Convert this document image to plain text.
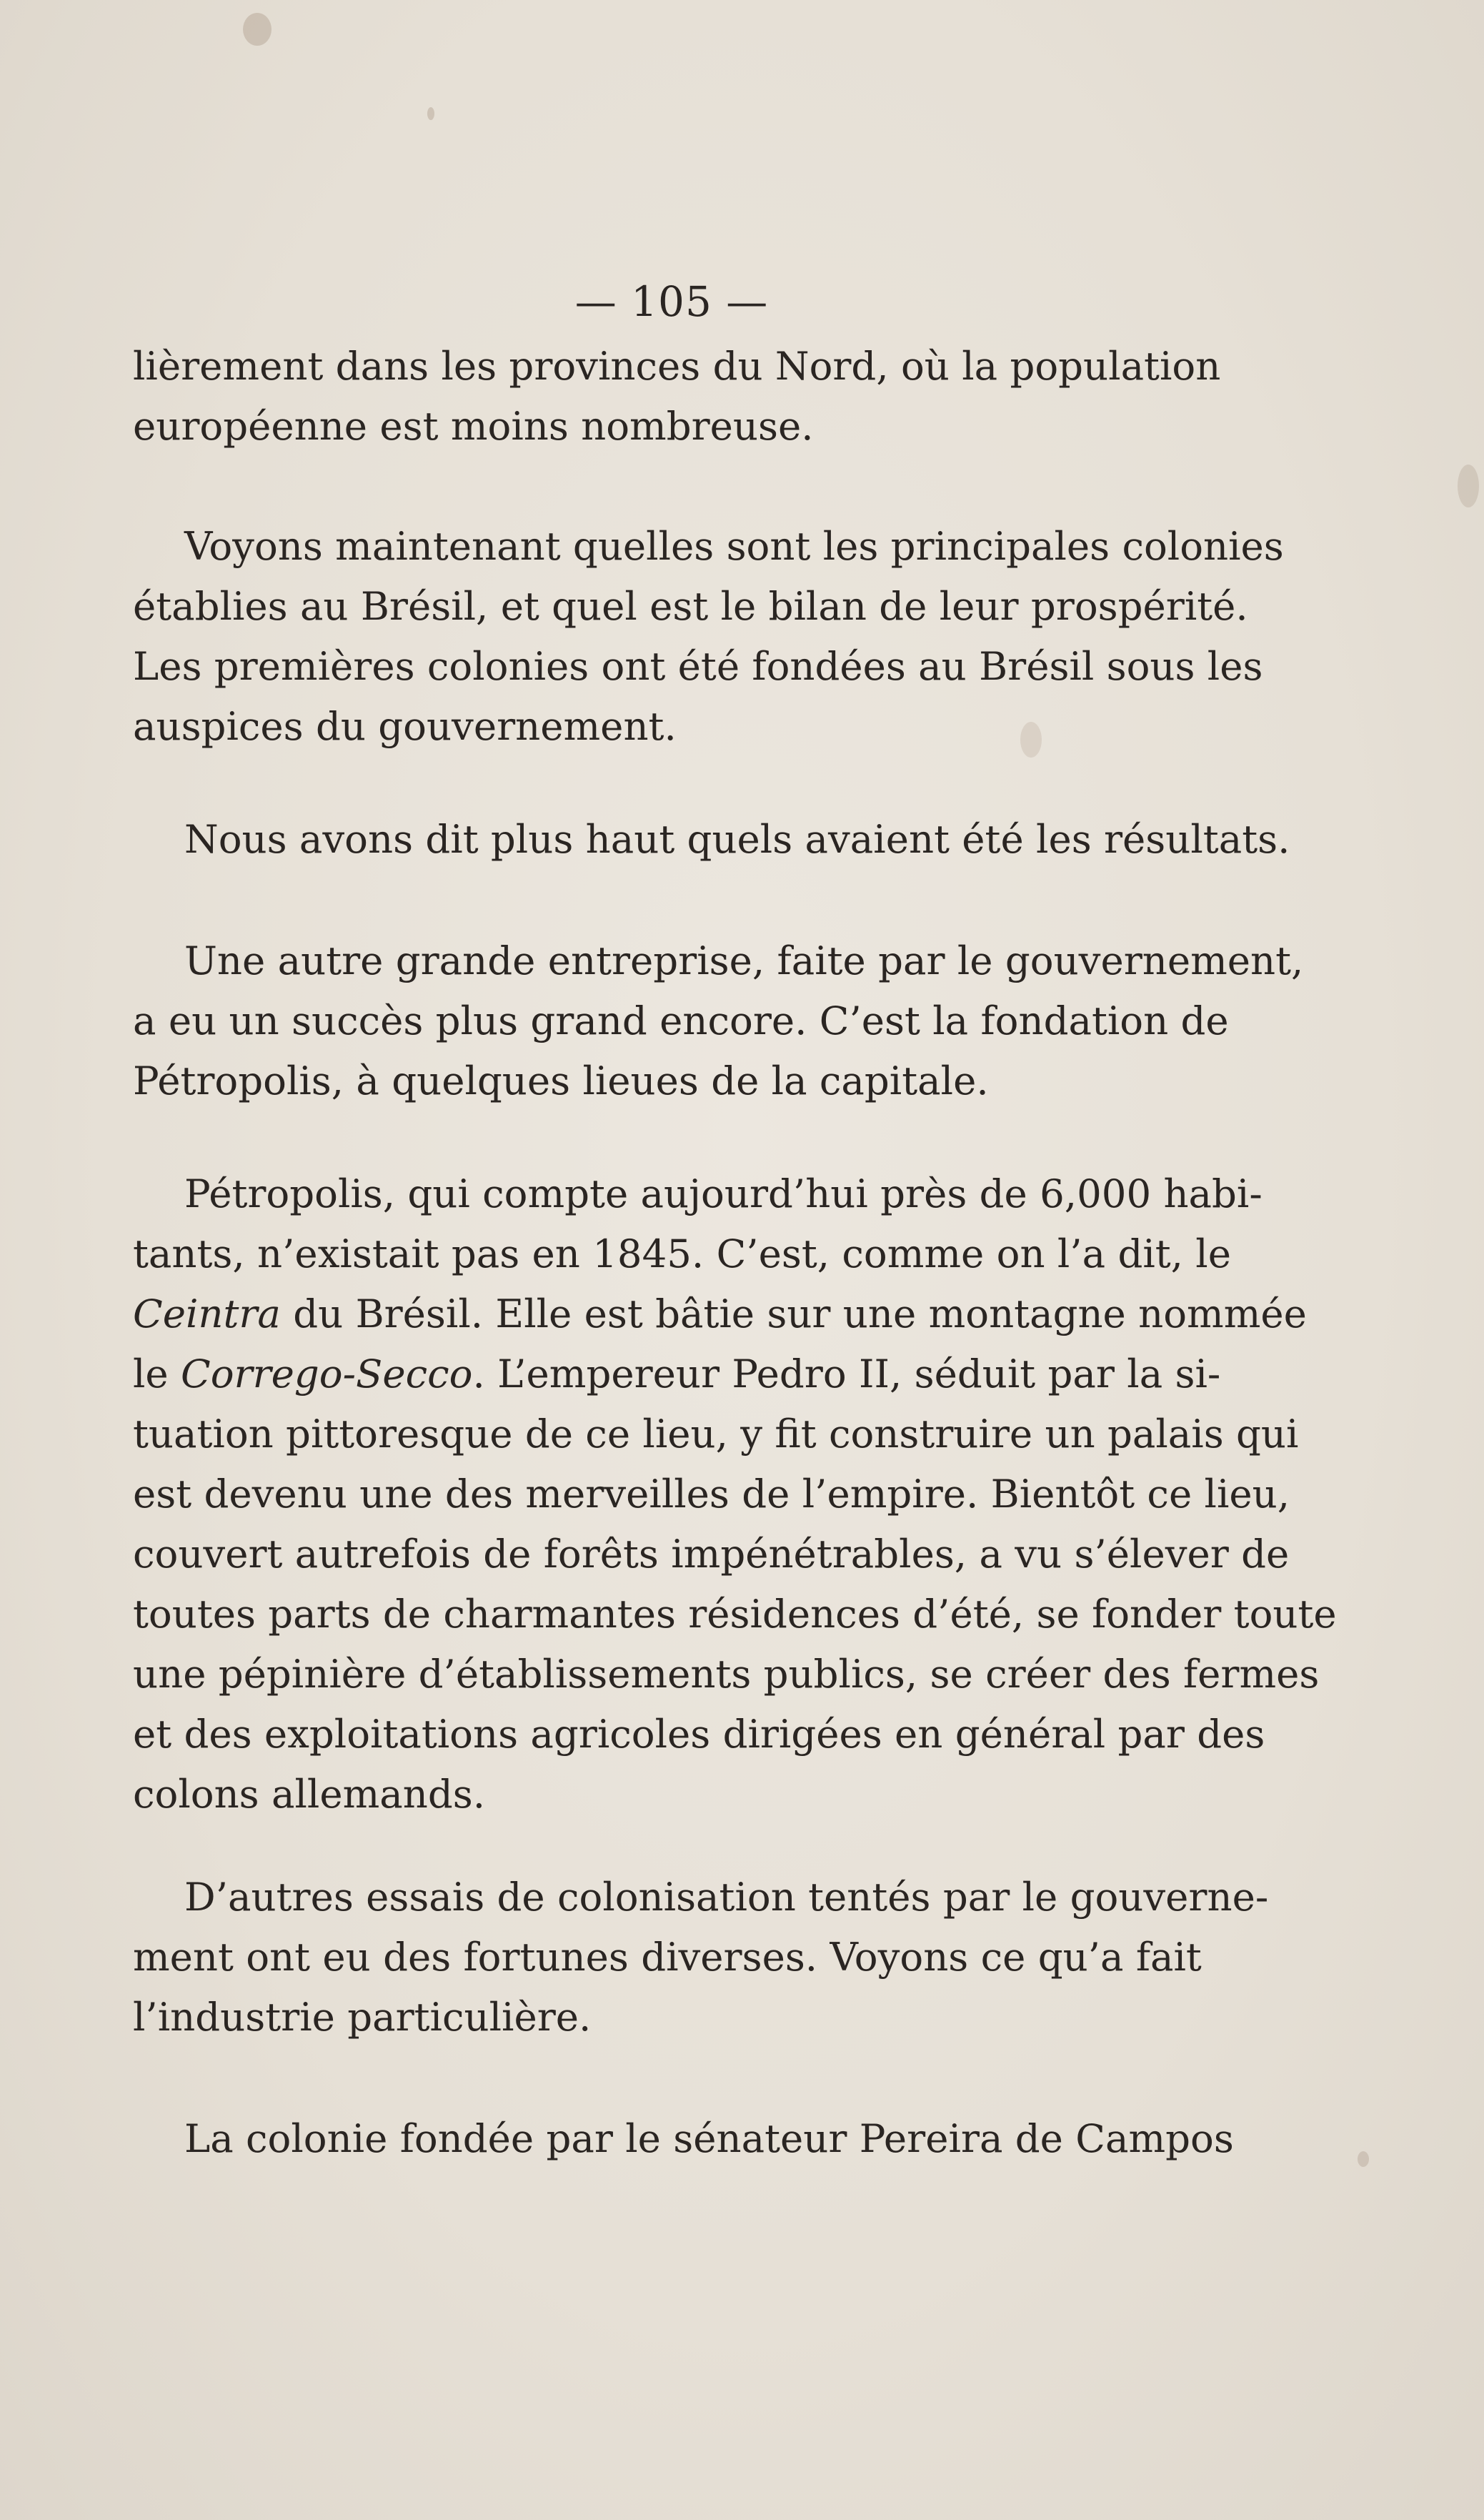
— 105 —
lièrement dans les provinces du Nord, où la population
européenne est moins nombreuse.
Voyons maintenant quelles sont les principales colonies
établies au Brésil, et quel est le bilan de leur prospérité.
Les premières colonies ont été fondées au Brésil sous les
auspices du gouvernement.
Nous avons dit plus haut quels avaient été les résultats.
Une autre grande entreprise, faite par le gouvernement,
a eu un succès plus grand encore. C’est la fondation de
Pétropolis, à quelques lieues de la capitale.
Pétropolis, qui compte aujourd’hui près de 6,000 habi-
tants, n’existait pas en 1845. C’est, comme on l’a dit, le
Ceintra du Brésil. Elle est bâtie sur une montagne nommée
le Corrego-Secco. L’empereur Pedro II, séduit par la si-
tuation pittoresque de ce lieu, y fit construire un palais qui
est devenu une des merveilles de l’empire. Bientôt ce lieu,
couvert autrefois de forêts impénétrables, a vu s’élever de
toutes parts de charmantes résidences d’été, se fonder toute
une pépinière d’établissements publics, se créer des fermes
et des exploitations agricoles dirigées en général par des
colons allemands.
D’autres essais de colonisation tentés par le gouverne-
ment ont eu des fortunes diverses. Voyons ce qu’a fait
l’industrie particulière.
La colonie fondée par le sénateur Pereira de Campos
